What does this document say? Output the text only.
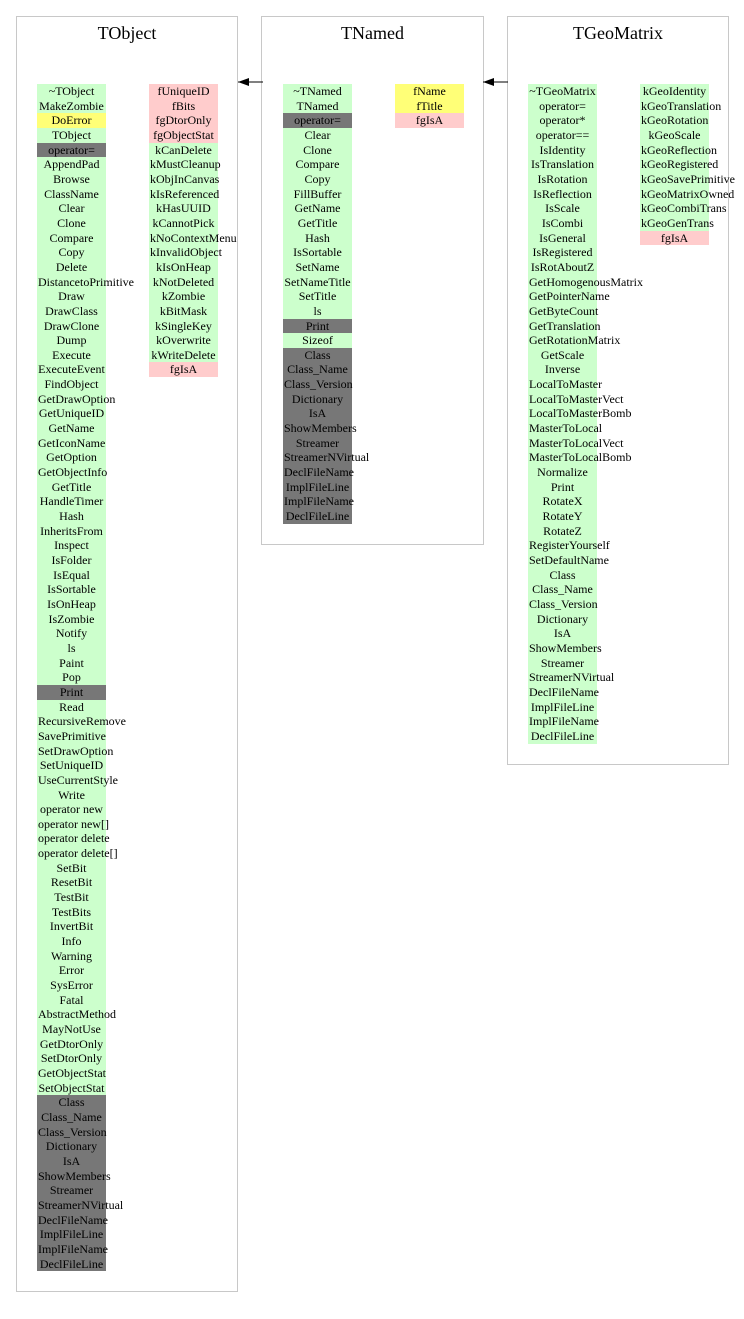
TObject
~TObject
MakeZombie
DoError
TObject
operator=
AppendPad
Browse
ClassName
Clear
Clone
Compare
Copy
Delete
DistancetoPrimitive
Draw
DrawClass
DrawClone
Dump
Execute
ExecuteEvent
FindObject
GetDrawOption
GetUniqueID
GetName
GetIconName
GetOption
GetObjectInfo
GetTitle
HandleTimer
Hash
InheritsFrom
Inspect
IsFolder
IsEqual
IsSortable
IsOnHeap
IsZombie
Notify
ls
Paint
Pop
Print
Read
RecursiveRemove
SavePrimitive
SetDrawOption
SetUniqueID
UseCurrentStyle
Write
operator new
operator new[]
operator delete
operator delete[]
SetBit
ResetBit
TestBit
TestBits
InvertBit
Info
Warning
Error
SysError
Fatal
AbstractMethod
MayNotUse
GetDtorOnly
SetDtorOnly
GetObjectStat
SetObjectStat
Class
Class_Name
Class_Version
Dictionary
IsA
ShowMembers
Streamer
StreamerNVirtual
DeclFileName
ImplFileLine
ImplFileName
DeclFileLine
fUniqueID
fBits
fgDtorOnly
fgObjectStat
kCanDelete
kMustCleanup
kObjInCanvas
kIsReferenced
kHasUUID
kCannotPick
kNoContextMenu
kInvalidObject
kIsOnHeap
kNotDeleted
kZombie
kBitMask
kSingleKey
kOverwrite
kWriteDelete
fgIsA
TNamed
~TNamed
TNamed
operator=
Clear
Clone
Compare
Copy
FillBuffer
GetName
GetTitle
Hash
IsSortable
SetName
SetNameTitle
SetTitle
ls
Print
Sizeof
Class
Class_Name
Class_Version
Dictionary
IsA
ShowMembers
Streamer
StreamerNVirtual
DeclFileName
ImplFileLine
ImplFileName
DeclFileLine
fName
fTitle
fgIsA
TGeoMatrix
~TGeoMatrix
operator=
operator*
operator==
IsIdentity
IsTranslation
IsRotation
IsReflection
IsScale
IsCombi
IsGeneral
IsRegistered
IsRotAboutZ
GetHomogenousMatrix
GetPointerName
GetByteCount
GetTranslation
GetRotationMatrix
GetScale
Inverse
LocalToMaster
LocalToMasterVect
LocalToMasterBomb
MasterToLocal
MasterToLocalVect
MasterToLocalBomb
Normalize
Print
RotateX
RotateY
RotateZ
RegisterYourself
SetDefaultName
Class
Class_Name
Class_Version
Dictionary
IsA
ShowMembers
Streamer
StreamerNVirtual
DeclFileName
ImplFileLine
ImplFileName
DeclFileLine
kGeoIdentity
kGeoTranslation
kGeoRotation
kGeoScale
kGeoReflection
kGeoRegistered
kGeoSavePrimitive
kGeoMatrixOwned
kGeoCombiTrans
kGeoGenTrans
fgIsA
